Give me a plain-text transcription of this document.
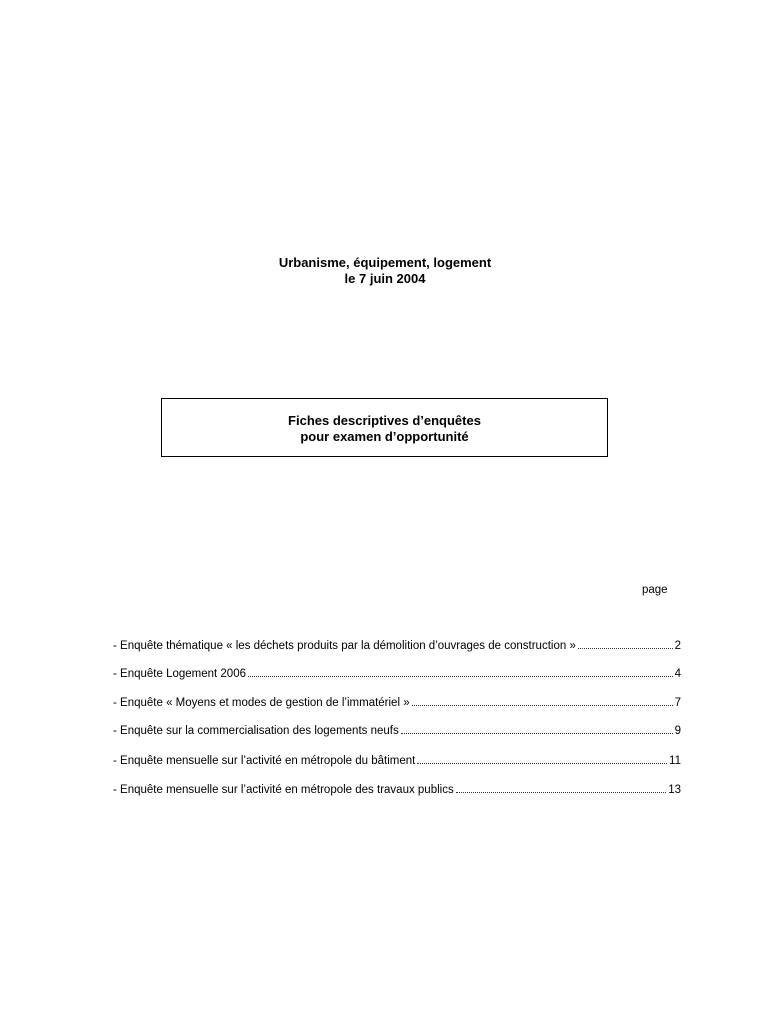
Urbanisme, équipement, logement
le 7 juin 2004
Fiches descriptives d’enquêtes
pour examen d’opportunité
page
- Enquête thématique « les déchets produits par la démolition d’ouvrages de construction »	2
- Enquête Logement 2006	4
- Enquête « Moyens et modes de gestion de l’immatériel »	7
- Enquête sur la commercialisation des logements neufs	9
- Enquête mensuelle sur l’activité en métropole du bâtiment	11
- Enquête mensuelle sur l’activité en métropole des travaux publics	13
